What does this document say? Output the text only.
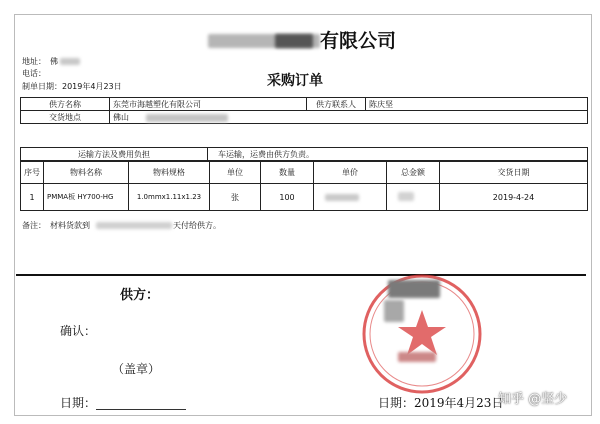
有限公司
地址： 佛
电话：
制单日期：2019年4月23日	采购订单
供方名称	东莞市海越塑化有限公司	供方联系人	陈庆坚
交货地点	佛山		
运输方法及费用负担	车运输，运费由供方负责。
序号	物料名称	物料规格	单位	数量	单价	总金额	交货日期
1	PMMA板 HY700-HG	1.0mmx1.11x1.23	张	100			2019-4-24
备注： 材料货款到	天付给供方。
供方：
确认：
（盖章）
日期：	日期：2019年4月23日
知乎 @坚少
